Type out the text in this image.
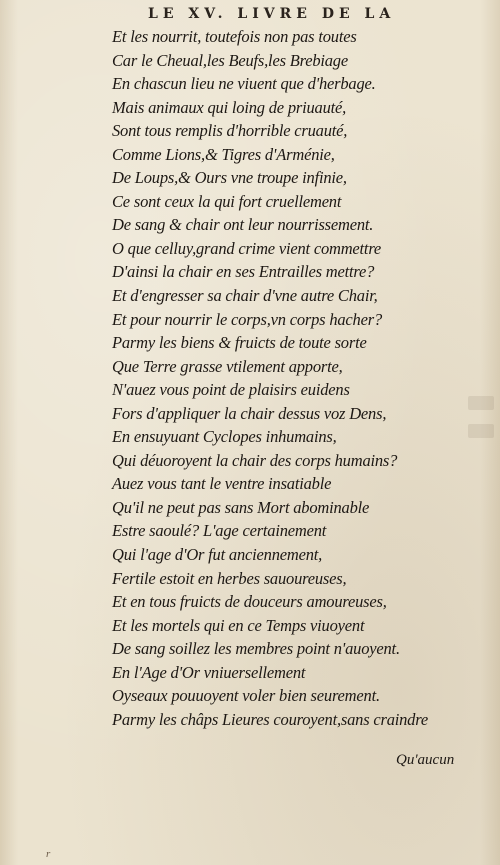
LE XV. LIVRE DE LA
Et les nourrit, toutefois non pas toutes
Car le Cheual,les Beufs,les Brebiage
En chascun lieu ne viuent que d'herbage.
Mais animaux qui loing de priuauté,
Sont tous remplis d'horrible cruauté,
Comme Lions,& Tigres d'Arménie,
De Loups,& Ours vne troupe infinie,
Ce sont ceux la qui fort cruellement
De sang & chair ont leur nourrissement.
O que celluy,grand crime vient commettre
D'ainsi la chair en ses Entrailles mettre?
Et d'engresser sa chair d'vne autre Chair,
Et pour nourrir le corps,vn corps hacher?
Parmy les biens & fruicts de toute sorte
Que Terre grasse vtilement apporte,
N'auez vous point de plaisirs euidens
Fors d'appliquer la chair dessus voz Dens,
En ensuyuant Cyclopes inhumains,
Qui déuoroyent la chair des corps humains?
Auez vous tant le ventre insatiable
Qu'il ne peut pas sans Mort abominable
Estre saoulé? L'age certainement
Qui l'age d'Or fut anciennement,
Fertile estoit en herbes sauoureuses,
Et en tous fruicts de douceurs amoureuses,
Et les mortels qui en ce Temps viuoyent
De sang soillez les membres point n'auoyent.
En l'Age d'Or vniuersellement
Oyseaux pouuoyent voler bien seurement.
Parmy les châps Lieures couroyent,sans craindre
Qu'aucun
r
